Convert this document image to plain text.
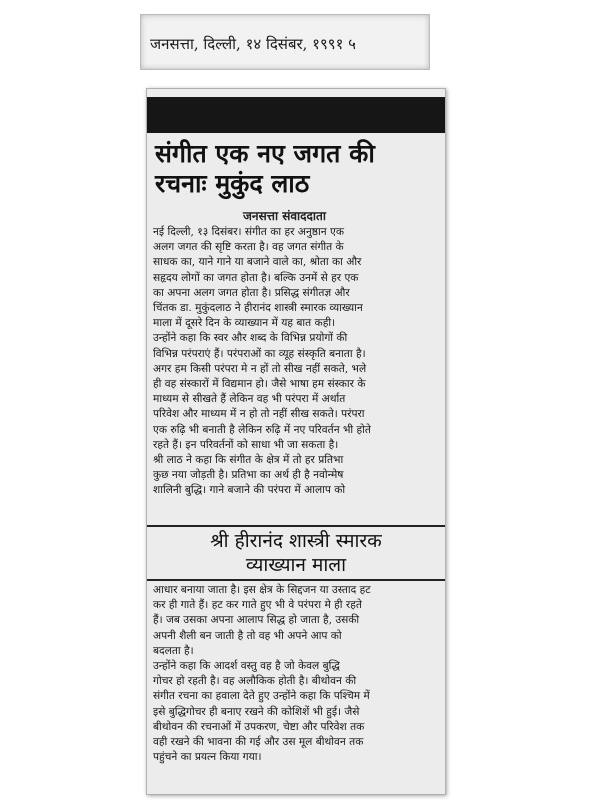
जनसत्ता, दिल्ली, १४ दिसंबर, १९९१ ५
संगीत एक नए जगत की
रचनाः मुकुंद लाठ
जनसत्ता संवाददाता
नई दिल्ली, १३ दिसंबर। संगीत का हर अनुष्ठान एक
अलग जगत की सृष्टि करता है। वह जगत संगीत के
साधक का, याने गाने या बजाने वाले का, श्रोता का और
सहृदय लोगों का जगत होता है। बल्कि उनमें से हर एक
का अपना अलग जगत होता है। प्रसिद्ध संगीतज्ञ और
चिंतक डा. मुकुंदलाठ ने हीरानंद शास्त्री स्मारक व्याख्यान
माला में दूसरे दिन के व्याख्यान में यह बात कही।
उन्होंने कहा कि स्वर और शब्द के विभिन्न प्रयोगों की
विभिन्न परंपराएं हैं। परंपराओं का व्यूह संस्कृति बनाता है।
अगर हम किसी परंपरा मे न हों तो सीख नहीं सकते, भले
ही वह संस्कारों में विद्यमान हो। जैसे भाषा हम संस्कार के
माध्यम से सीखते हैं लेकिन वह भी परंपरा में अर्थात
परिवेश और माध्यम में न हो तो नहीं सीख सकते। परंपरा
एक रुढ़ि भी बनाती है लेकिन रुढ़ि में नए परिवर्तन भी होते
रहते हैं। इन परिवर्तनों को साधा भी जा सकता है।
श्री लाठ ने कहा कि संगीत के क्षेत्र में तो हर प्रतिभा
कुछ नया जोड़ती है। प्रतिभा का अर्थ ही है नवोन्मेष
शालिनी बुद्धि। गाने बजाने की परंपरा में आलाप को
श्री हीरानंद शास्त्री स्मारक
व्याख्यान माला
आधार बनाया जाता है। इस क्षेत्र के सिद्दजन या उस्ताद हट
कर ही गाते हैं। हट कर गाते हुए भी वे परंपरा मे ही रहते
हैं। जब उसका अपना आलाप सिद्ध हो जाता है, उसकी
अपनी शैली बन जाती है तो वह भी अपने आप को
बदलता है।
उन्होंने कहा कि आदर्श वस्तु वह है जो केवल बुद्धि
गोचर हो रहती है। वह अलौकिक होती है। बीथोवन की
संगीत रचना का हवाला देते हुए उन्होंने कहा कि पश्चिम में
इसे बुद्धिगोचर ही बनाए रखने की कोशिशें भी हुई। जैसे
बीथोवन की रचनाओं में उपकरण, चेष्टा और परिवेश तक
वही रखने की भावना की गई और उस मूल बीथोवन तक
पहुंचने का प्रयत्न किया गया।
